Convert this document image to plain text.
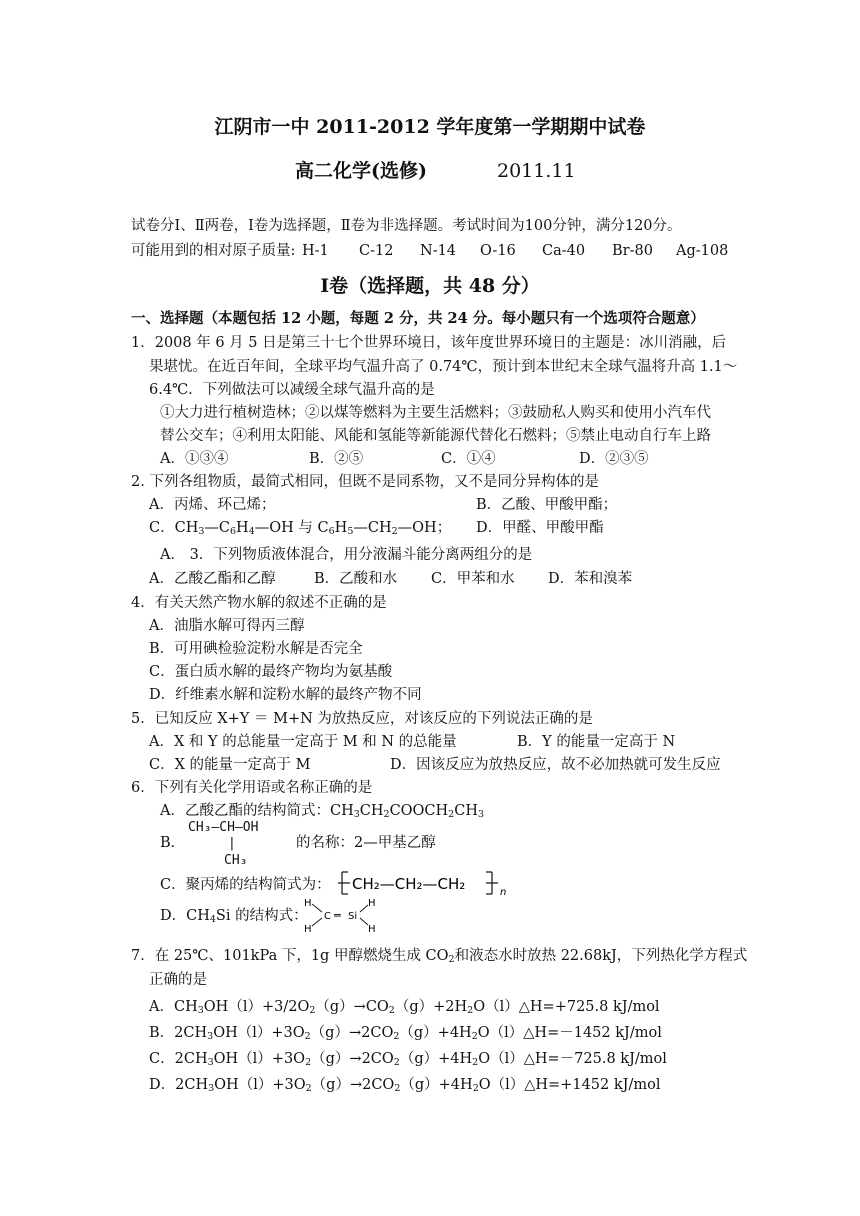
江阴市一中 2011-2012 学年度第一学期期中试卷
高二化学(选修)	2011.11
试卷分Ⅰ、Ⅱ两卷，Ⅰ卷为选择题，Ⅱ卷为非选择题。考试时间为100分钟，满分120分。
可能用到的相对原子质量: H-1 C-12 N-14 O-16 Ca-40 Br-80 Ag-108
Ⅰ卷（选择题，共 48 分）
一、选择题（本题包括 12 小题，每题 2 分，共 24 分。每小题只有一个选项符合题意）
1．2008 年 6 月 5 日是第三十七个世界环境日，该年度世界环境日的主题是：冰川消融，后
果堪忧。在近百年间，全球平均气温升高了 0.74℃，预计到本世纪末全球气温将升高 1.1～
6.4℃．下列做法可以减缓全球气温升高的是
①大力进行植树造林；②以煤等燃料为主要生活燃料；③鼓励私人购买和使用小汽车代
替公交车；④利用太阳能、风能和氢能等新能源代替化石燃料；⑤禁止电动自行车上路
A．①③④	B．②⑤	C．①④	D．②③⑤
2. 下列各组物质，最简式相同，但既不是同系物，又不是同分异构体的是
A．丙烯、环己烯；	B．乙酸、甲酸甲酯；
C．$CH_3—C_6H_4—OH$ 与 $C_6H_5—CH_2—OH$； D．甲醛、甲酸甲酯
A． 3．下列物质液体混合，用分液漏斗能分离两组分的是
A．乙酸乙酯和乙醇	B．乙酸和水 C．甲苯和水 D．苯和溴苯
4．有关天然产物水解的叙述不正确的是
A．油脂水解可得丙三醇
B．可用碘检验淀粉水解是否完全
C．蛋白质水解的最终产物均为氨基酸
D．纤维素水解和淀粉水解的最终产物不同
5．已知反应 X+Y ＝ M+N 为放热反应，对该反应的下列说法正确的是
A．X 和 Y 的总能量一定高于 M 和 N 的总能量	B．Y 的能量一定高于 N
C．X 的能量一定高于 M	D．因该反应为放热反应，故不必加热就可发生反应
6．下列有关化学用语或名称正确的是
A．乙酸乙酯的结构简式：$CH_3CH_2COOCH_2CH_3$
B．
CH₃—CH—OH
|
CH₃
的名称：2—甲基乙醇
C．聚丙烯的结构简式为： CH₂—CH₂—CH₂	n
D．$CH_4Si$ 的结构式：
H
H
C ═ Si
H
H
7．在 25℃、101kPa 下，1g 甲醇燃烧生成 $CO_2$和液态水时放热 22.68kJ，下列热化学方程式
正确的是
A．$CH_3OH(l)+3/2O_2(g)\to CO_2(g)+2H_2O(l)\triangle H=+725.8$ kJ/mol
B．$2CH_3OH(l)+3O_2(g)\to 2CO_2(g)+4H_2O(l)\triangle H=-1452$ kJ/mol
C．$2CH_3OH(l)+3O_2(g)\to 2CO_2(g)+4H_2O(l)\triangle H=-725.8$ kJ/mol
D．$2CH_3OH(l)+3O_2(g)\to 2CO_2(g)+4H_2O(l)\triangle H=+1452$ kJ/mol
